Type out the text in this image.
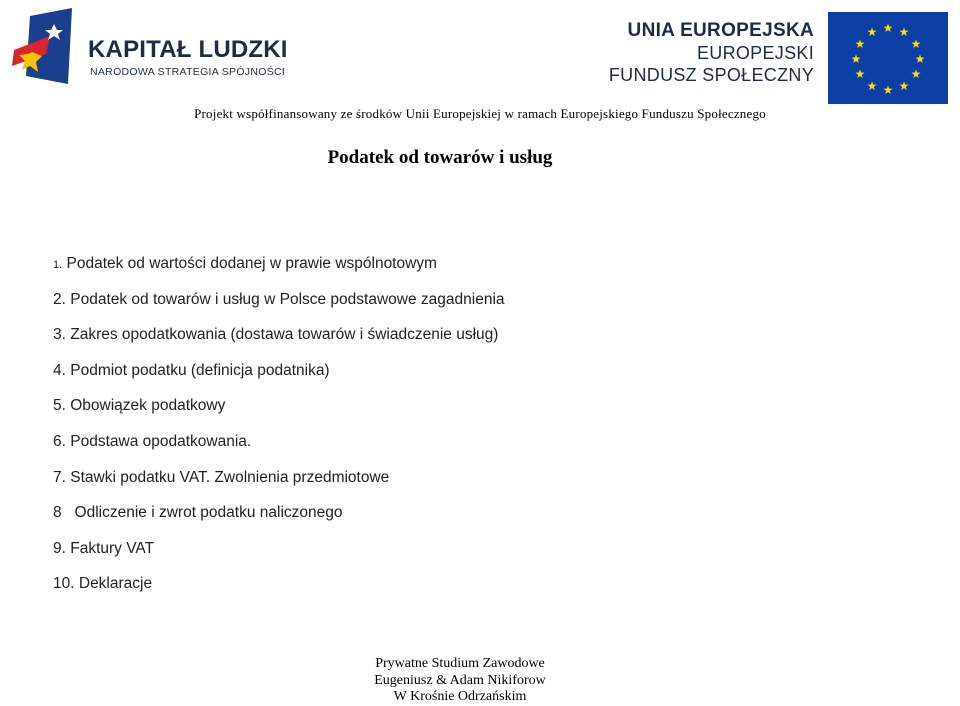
KAPITAŁ LUDZKI
NARODOWA STRATEGIA SPÓJNOŚCI
UNIA EUROPEJSKA
EUROPEJSKI
FUNDUSZ SPOŁECZNY
★ ★
★
★
★
★
★
★
★
★
★
★
Projekt współfinansowany ze środków Unii Europejskiej w ramach Europejskiego Funduszu Społecznego
Podatek od towarów i usług
1. Podatek od wartości dodanej w prawie wspólnotowym
2. Podatek od towarów i usług w Polsce podstawowe zagadnienia
3. Zakres opodatkowania (dostawa towarów i świadczenie usług)
4. Podmiot podatku (definicja podatnika)
5. Obowiązek podatkowy
6. Podstawa opodatkowania.
7. Stawki podatku VAT. Zwolnienia przedmiotowe
8   Odliczenie i zwrot podatku naliczonego
9. Faktury VAT
10. Deklaracje
Prywatne Studium Zawodowe
Eugeniusz & Adam Nikiforow
W Krośnie Odrzańskim
